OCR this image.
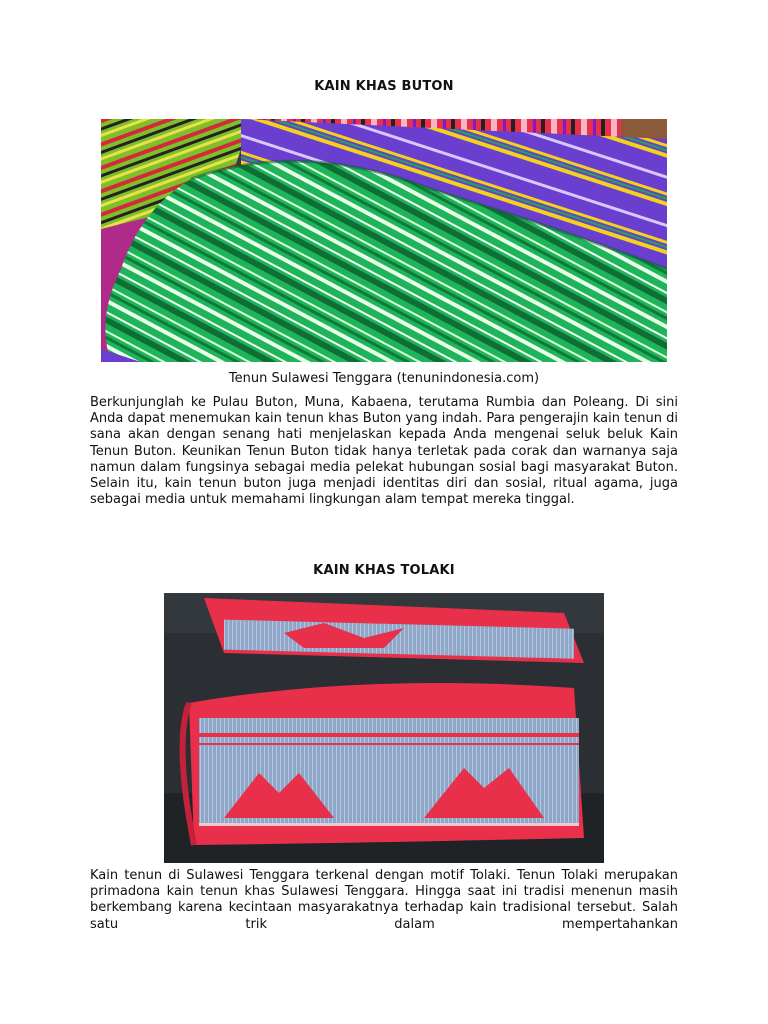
KAIN KHAS BUTON
Tenun Sulawesi Tenggara (tenunindonesia.com)

Berkunjunglah ke Pulau Buton, Muna, Kabaena, terutama Rumbia dan Poleang. Di sini Anda dapat menemukan kain tenun khas Buton yang indah. Para pengerajin kain tenun di sana akan dengan senang hati menjelaskan kepada Anda mengenai seluk beluk Kain Tenun Buton. Keunikan Tenun Buton tidak hanya terletak pada corak dan warnanya saja namun dalam fungsinya sebagai media pelekat hubungan sosial bagi masyarakat Buton. Selain itu, kain tenun buton juga menjadi identitas diri dan sosial, ritual agama, juga sebagai media untuk memahami lingkungan alam tempat mereka tinggal.

KAIN KHAS TOLAKI

Kain tenun di Sulawesi Tenggara terkenal dengan motif Tolaki. Tenun Tolaki merupakan primadona kain tenun khas Sulawesi Tenggara. Hingga saat ini tradisi menenun masih berkembang karena kecintaan masyarakatnya terhadap kain tradisional tersebut. Salah satu trik dalam mempertahankan
